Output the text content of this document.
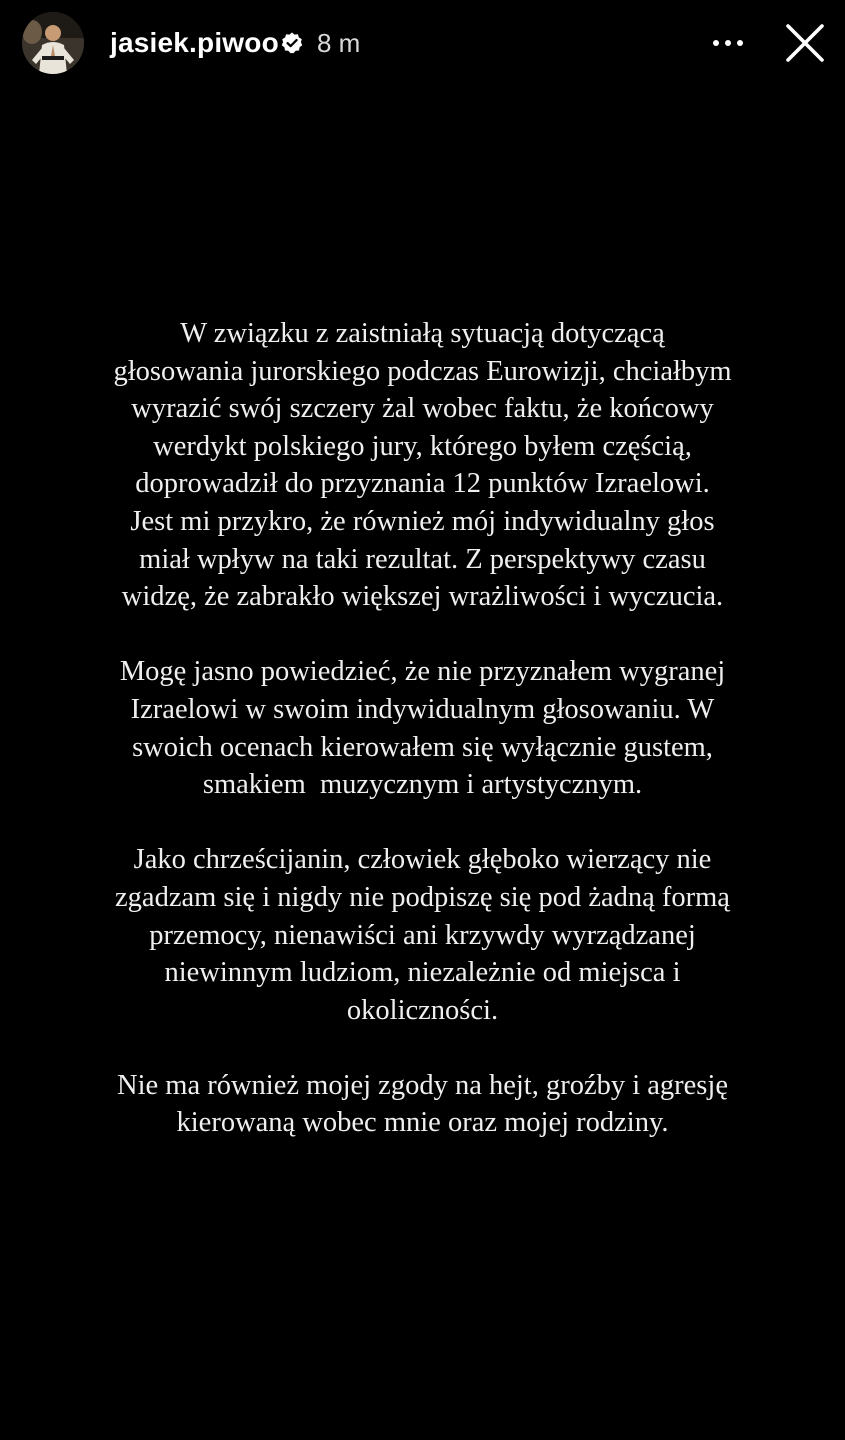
jasiek.piwoo 8 m

W związku z zaistniałą sytuacją dotyczącą
głosowania jurorskiego podczas Eurowizji, chciałbym
wyrazić swój szczery żal wobec faktu, że końcowy
werdykt polskiego jury, którego byłem częścią,
doprowadził do przyznania 12 punktów Izraelowi.
Jest mi przykro, że również mój indywidualny głos
miał wpływ na taki rezultat. Z perspektywy czasu
widzę, że zabrakło większej wrażliwości i wyczucia.

Mogę jasno powiedzieć, że nie przyznałem wygranej
Izraelowi w swoim indywidualnym głosowaniu. W
swoich ocenach kierowałem się wyłącznie gustem,
smakiem  muzycznym i artystycznym.

Jako chrześcijanin, człowiek głęboko wierzący nie
zgadzam się i nigdy nie podpiszę się pod żadną formą
przemocy, nienawiści ani krzywdy wyrządzanej
niewinnym ludziom, niezależnie od miejsca i
okoliczności.

Nie ma również mojej zgody na hejt, groźby i agresję
kierowaną wobec mnie oraz mojej rodziny.
